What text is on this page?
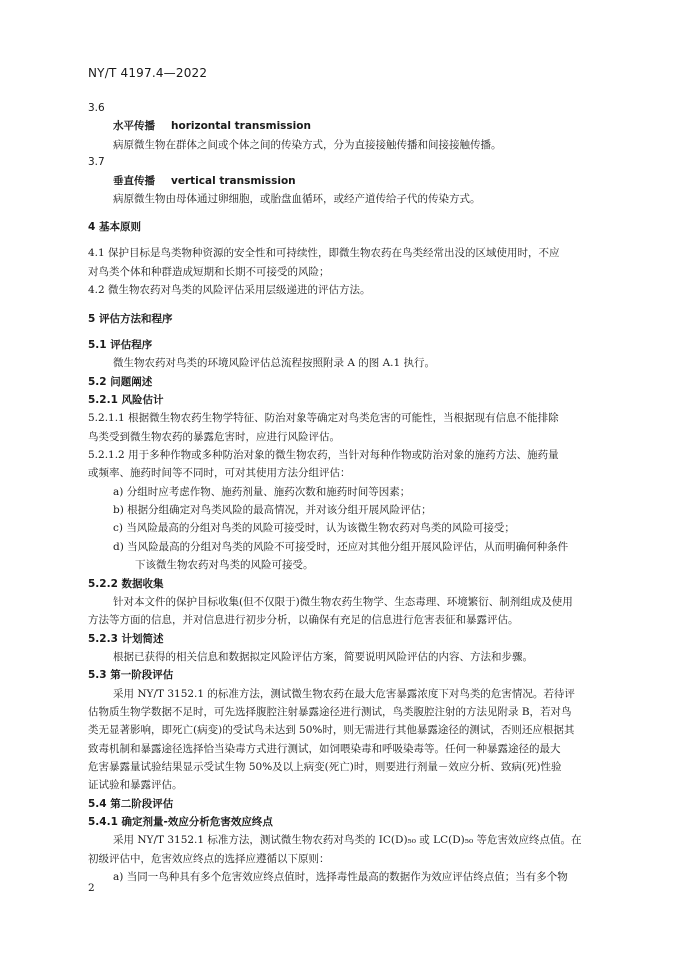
NY/T 4197.4—2022
3.6
水平传播 horizontal transmission
病原微生物在群体之间或个体之间的传染方式，分为直接接触传播和间接接触传播。
3.7
垂直传播 vertical transmission
病原微生物由母体通过卵细胞，或胎盘血循环，或经产道传给子代的传染方式。
4 基本原则
4.1 保护目标是鸟类物种资源的安全性和可持续性，即微生物农药在鸟类经常出没的区域使用时，不应
对鸟类个体和种群造成短期和长期不可接受的风险；
4.2 微生物农药对鸟类的风险评估采用层级递进的评估方法。
5 评估方法和程序
5.1 评估程序
微生物农药对鸟类的环境风险评估总流程按照附录 A 的图 A.1 执行。
5.2 问题阐述
5.2.1 风险估计
5.2.1.1 根据微生物农药生物学特征、防治对象等确定对鸟类危害的可能性，当根据现有信息不能排除
鸟类受到微生物农药的暴露危害时，应进行风险评估。
5.2.1.2 用于多种作物或多种防治对象的微生物农药，当针对每种作物或防治对象的施药方法、施药量
或频率、施药时间等不同时，可对其使用方法分组评估：
a) 分组时应考虑作物、施药剂量、施药次数和施药时间等因素；
b) 根据分组确定对鸟类风险的最高情况，并对该分组开展风险评估；
c) 当风险最高的分组对鸟类的风险可接受时，认为该微生物农药对鸟类的风险可接受；
d) 当风险最高的分组对鸟类的风险不可接受时，还应对其他分组开展风险评估，从而明确何种条件
下该微生物农药对鸟类的风险可接受。
5.2.2 数据收集
针对本文件的保护目标收集(但不仅限于)微生物农药生物学、生态毒理、环境繁衍、制剂组成及使用
方法等方面的信息，并对信息进行初步分析，以确保有充足的信息进行危害表征和暴露评估。
5.2.3 计划简述
根据已获得的相关信息和数据拟定风险评估方案，简要说明风险评估的内容、方法和步骤。
5.3 第一阶段评估
采用 NY/T 3152.1 的标准方法，测试微生物农药在最大危害暴露浓度下对鸟类的危害情况。若待评
估物质生物学数据不足时，可先选择腹腔注射暴露途径进行测试，鸟类腹腔注射的方法见附录 B，若对鸟
类无显著影响，即死亡(病变)的受试鸟未达到 50%时，则无需进行其他暴露途径的测试，否则还应根据其
致毒机制和暴露途径选择恰当染毒方式进行测试，如饲喂染毒和呼吸染毒等。任何一种暴露途径的最大
危害暴露量试验结果显示受试生物 50%及以上病变(死亡)时，则要进行剂量－效应分析、致病(死)性验
证试验和暴露评估。
5.4 第二阶段评估
5.4.1 确定剂量-效应分析危害效应终点
采用 NY/T 3152.1 标准方法，测试微生物农药对鸟类的 IC(D)₅₀ 或 LC(D)₅₀ 等危害效应终点值。在
初级评估中，危害效应终点的选择应遵循以下原则：
a) 当同一鸟种具有多个危害效应终点值时，选择毒性最高的数据作为效应评估终点值；当有多个物
2
